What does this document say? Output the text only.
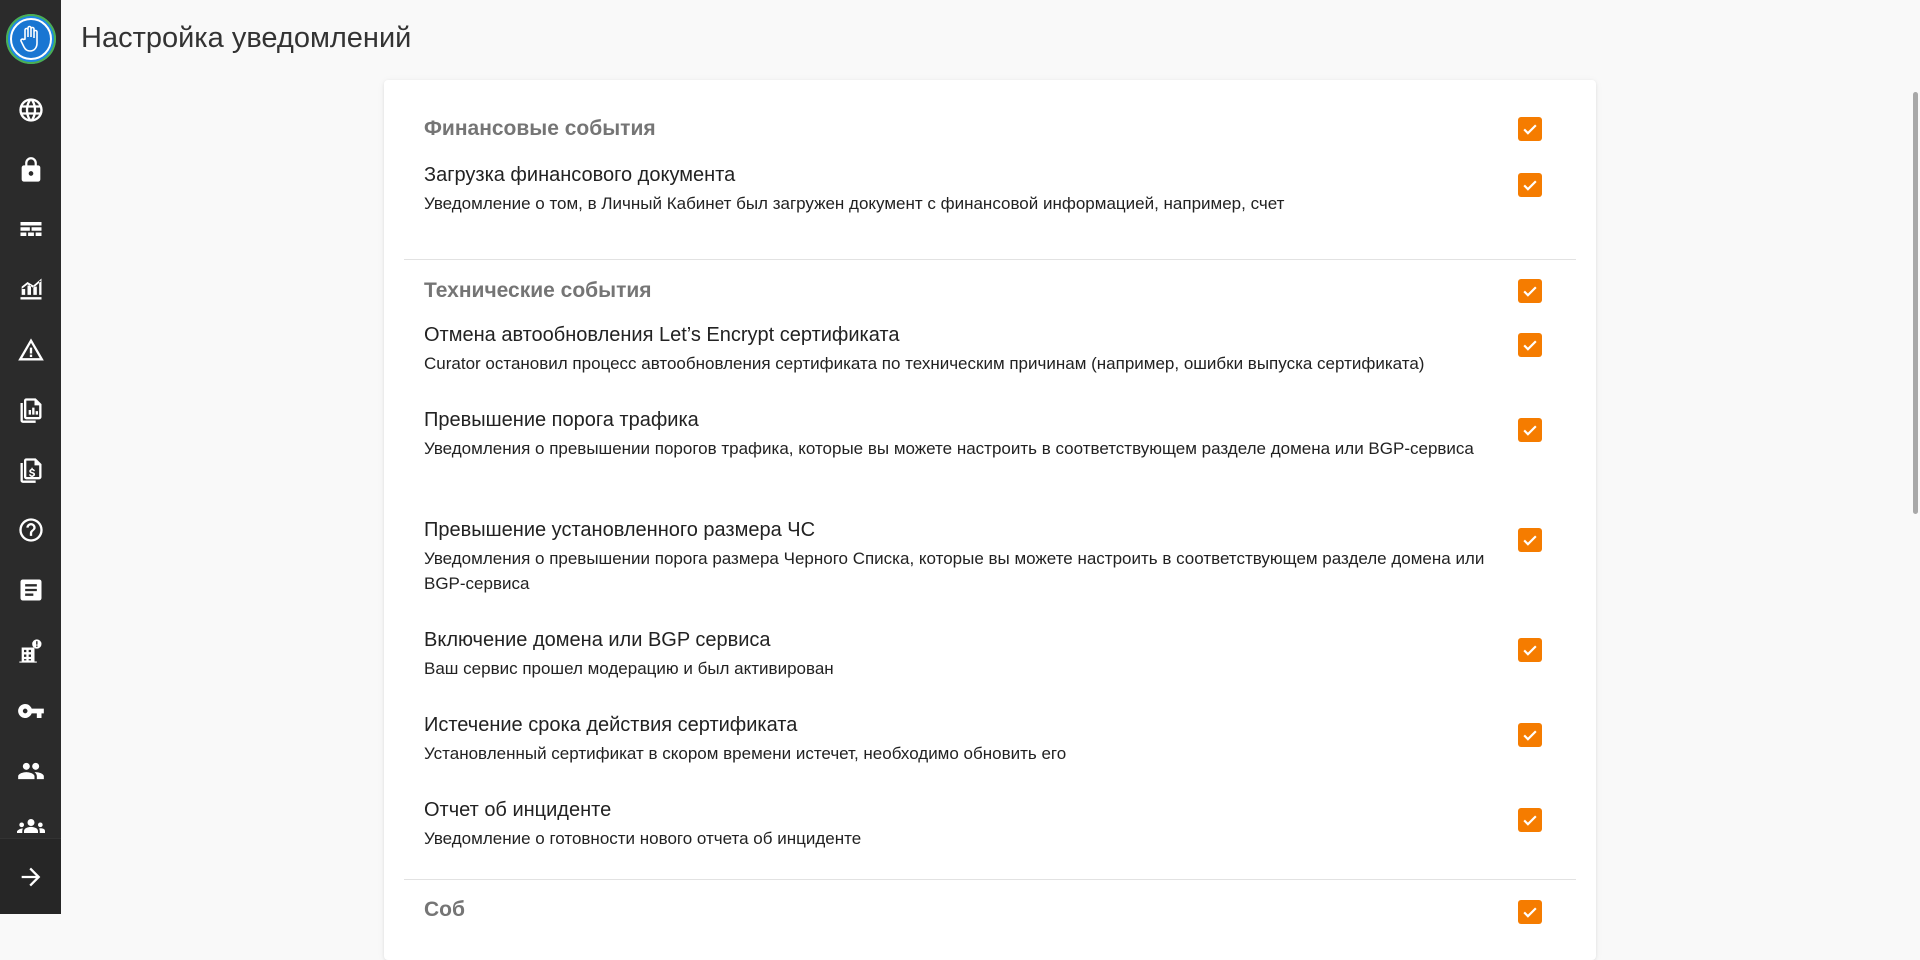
Настройка уведомлений
Финансовые события
Загрузка финансового документа
Уведомление о том, в Личный Кабинет был загружен документ с финансовой информацией, например, счет
Технические события
Отмена автообновления Let’s Encrypt сертификата
Curator остановил процесс автообновления сертификата по техническим причинам (например, ошибки выпуска сертификата)
Превышение порога трафика
Уведомления о превышении порогов трафика, которые вы можете настроить в соответствующем разделе домена или BGP-сервиса
Превышение установленного размера ЧС
Уведомления о превышении порога размера Черного Списка, которые вы можете настроить в соответствующем разделе домена или BGP-сервиса
Включение домена или BGP сервиса
Ваш сервис прошел модерацию и был активирован
Истечение срока действия сертификата
Установленный сертификат в скором времени истечет, необходимо обновить его
Отчет об инциденте
Уведомление о готовности нового отчета об инциденте
Соб
